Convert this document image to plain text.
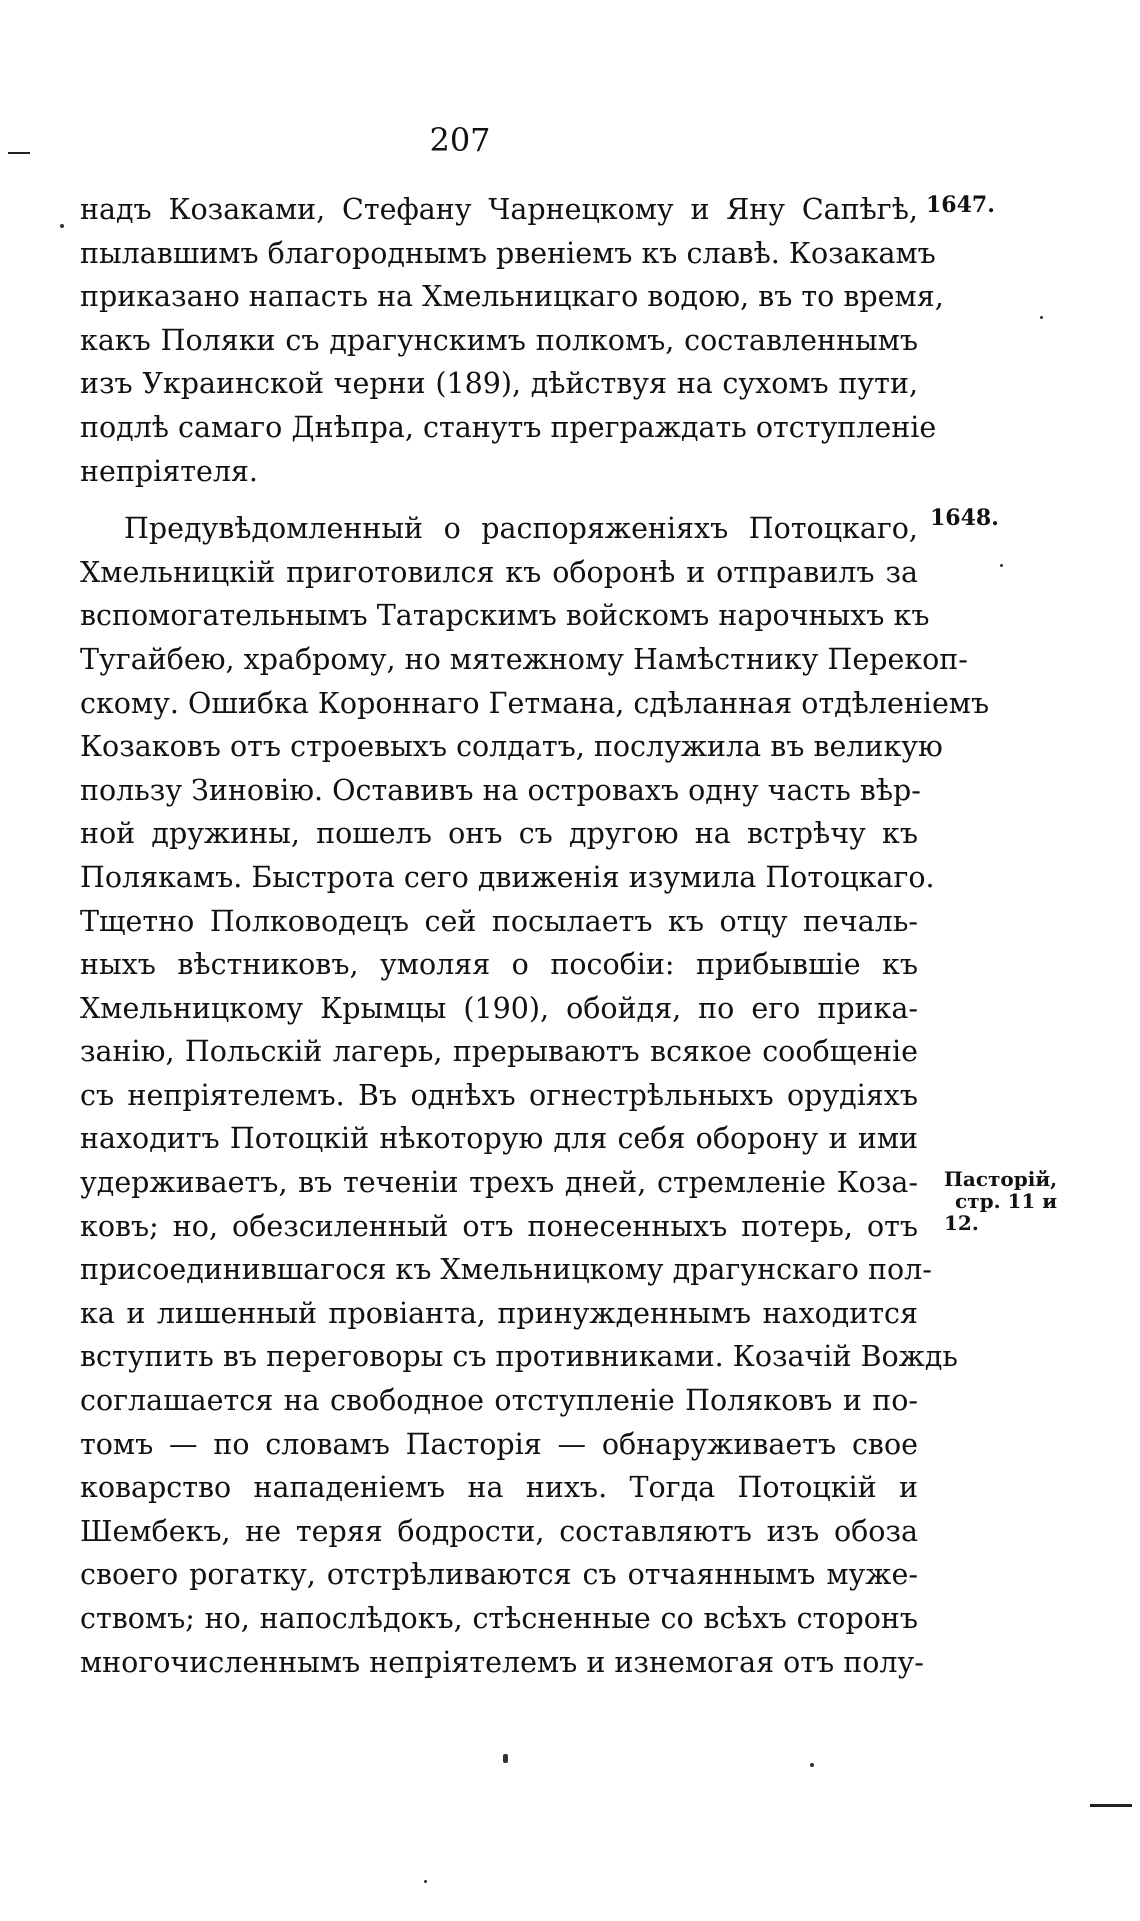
207
надъ Козаками, Стефану Чарнецкому и Яну Сапѣгѣ,
пылавшимъ благороднымъ рвеніемъ къ славѣ. Козакамъ
приказано напасть на Хмельницкаго водою, въ то время,
какъ Поляки съ драгунскимъ полкомъ, составленнымъ
изъ Украинской черни (189), дѣйствуя на сухомъ пути,
подлѣ самаго Днѣпра, станутъ преграждать отступленіе
непріятеля.
Предувѣдомленный о распоряженіяхъ Потоцкаго,
Хмельницкій приготовился къ оборонѣ и отправилъ за
вспомогательнымъ Татарскимъ войскомъ нарочныхъ къ
Тугайбею, храброму, но мятежному Намѣстнику Перекоп-
скому. Ошибка Короннаго Гетмана, сдѣланная отдѣленіемъ
Козаковъ отъ строевыхъ солдатъ, послужила въ великую
пользу Зиновію. Оставивъ на островахъ одну часть вѣр-
ной дружины, пошелъ онъ съ другою на встрѣчу къ
Полякамъ. Быстрота сего движенія изумила Потоцкаго.
Тщетно Полководецъ сей посылаетъ къ отцу печаль-
ныхъ вѣстниковъ, умоляя о пособіи: прибывшіе къ
Хмельницкому Крымцы (190), обойдя, по его прика-
занію, Польскій лагерь, прерываютъ всякое сообщеніе
съ непріятелемъ. Въ однѣхъ огнестрѣльныхъ орудіяхъ
находитъ Потоцкій нѣкоторую для себя оборону и ими
удерживаетъ, въ теченіи трехъ дней, стремленіе Коза-
ковъ; но, обезсиленный отъ понесенныхъ потерь, отъ
присоединившагося къ Хмельницкому драгунскаго пол-
ка и лишенный провіанта, принужденнымъ находится
вступить въ переговоры съ противниками. Козачій Вождь
соглашается на свободное отступленіе Поляковъ и по-
томъ — по словамъ Пасторія — обнаруживаетъ свое
коварство нападеніемъ на нихъ. Тогда Потоцкій и
Шембекъ, не теряя бодрости, составляютъ изъ обоза
своего рогатку, отстрѣливаются съ отчаяннымъ муже-
ствомъ; но, напослѣдокъ, стѣсненные со всѣхъ сторонъ
многочисленнымъ непріятелемъ и изнемогая отъ полу-
1647.
1648.
Пасторій,
стр. 11 и
12.
